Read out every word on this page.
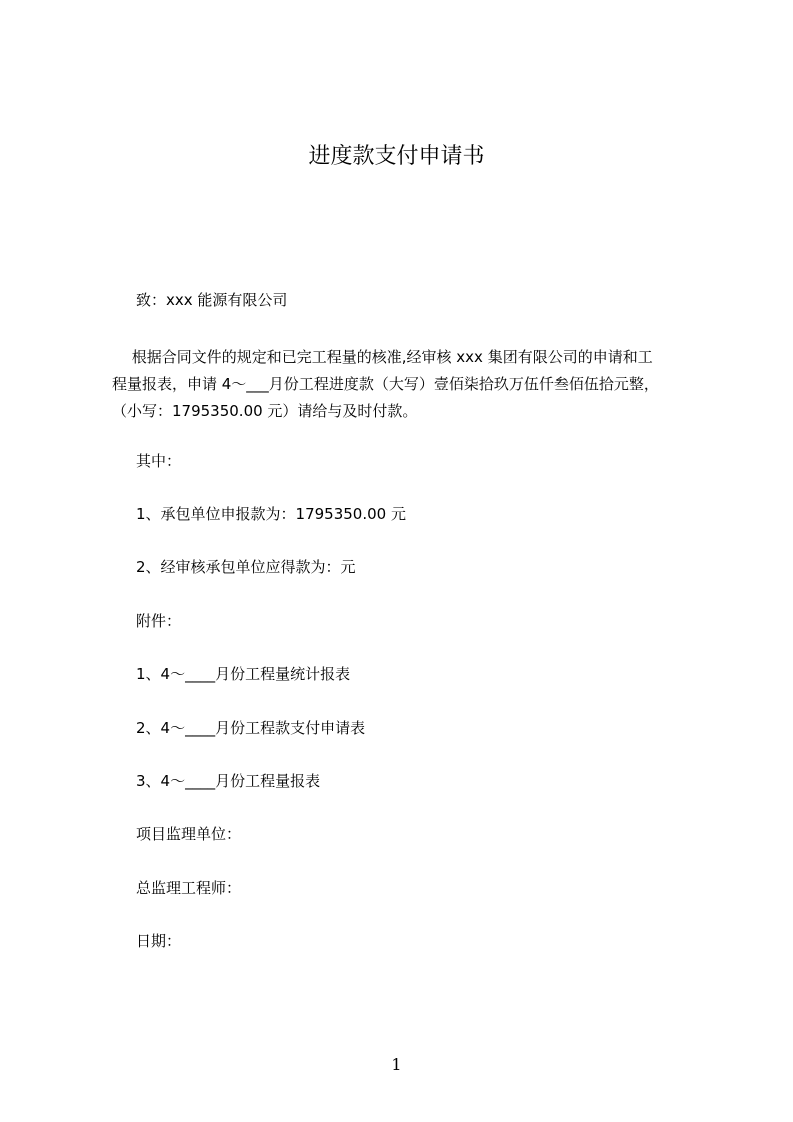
进度款支付申请书
致：xxx 能源有限公司

　 根据合同文件的规定和已完工程量的核准,经审核 xxx 集团有限公司的申请和工

程量报表，申请 4～___月份工程进度款（大写）壹佰柒拾玖万伍仟叁佰伍拾元整，

（小写：1795350.00 元）请给与及时付款。

其中：
1、承包单位申报款为：1795350.00 元
2、经审核承包单位应得款为：元
附件：
1、4～____月份工程量统计报表
2、4～____月份工程款支付申请表
3、4～____月份工程量报表
项目监理单位：
总监理工程师：
日期：
1
